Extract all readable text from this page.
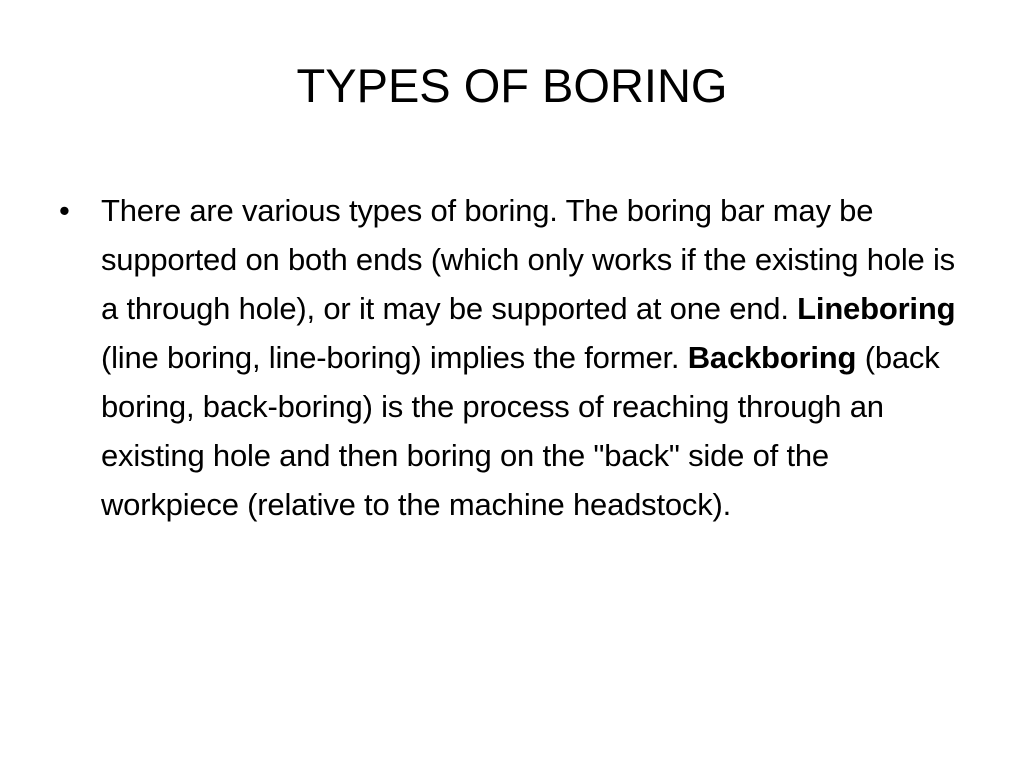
TYPES OF BORING
• There are various types of boring. The boring bar may be supported on both ends (which only works if the existing hole is a through hole), or it may be supported at one end. Lineboring (line boring, line-boring) implies the former. Backboring (back boring, back-boring) is the process of reaching through an existing hole and then boring on the "back" side of the workpiece (relative to the machine headstock).
